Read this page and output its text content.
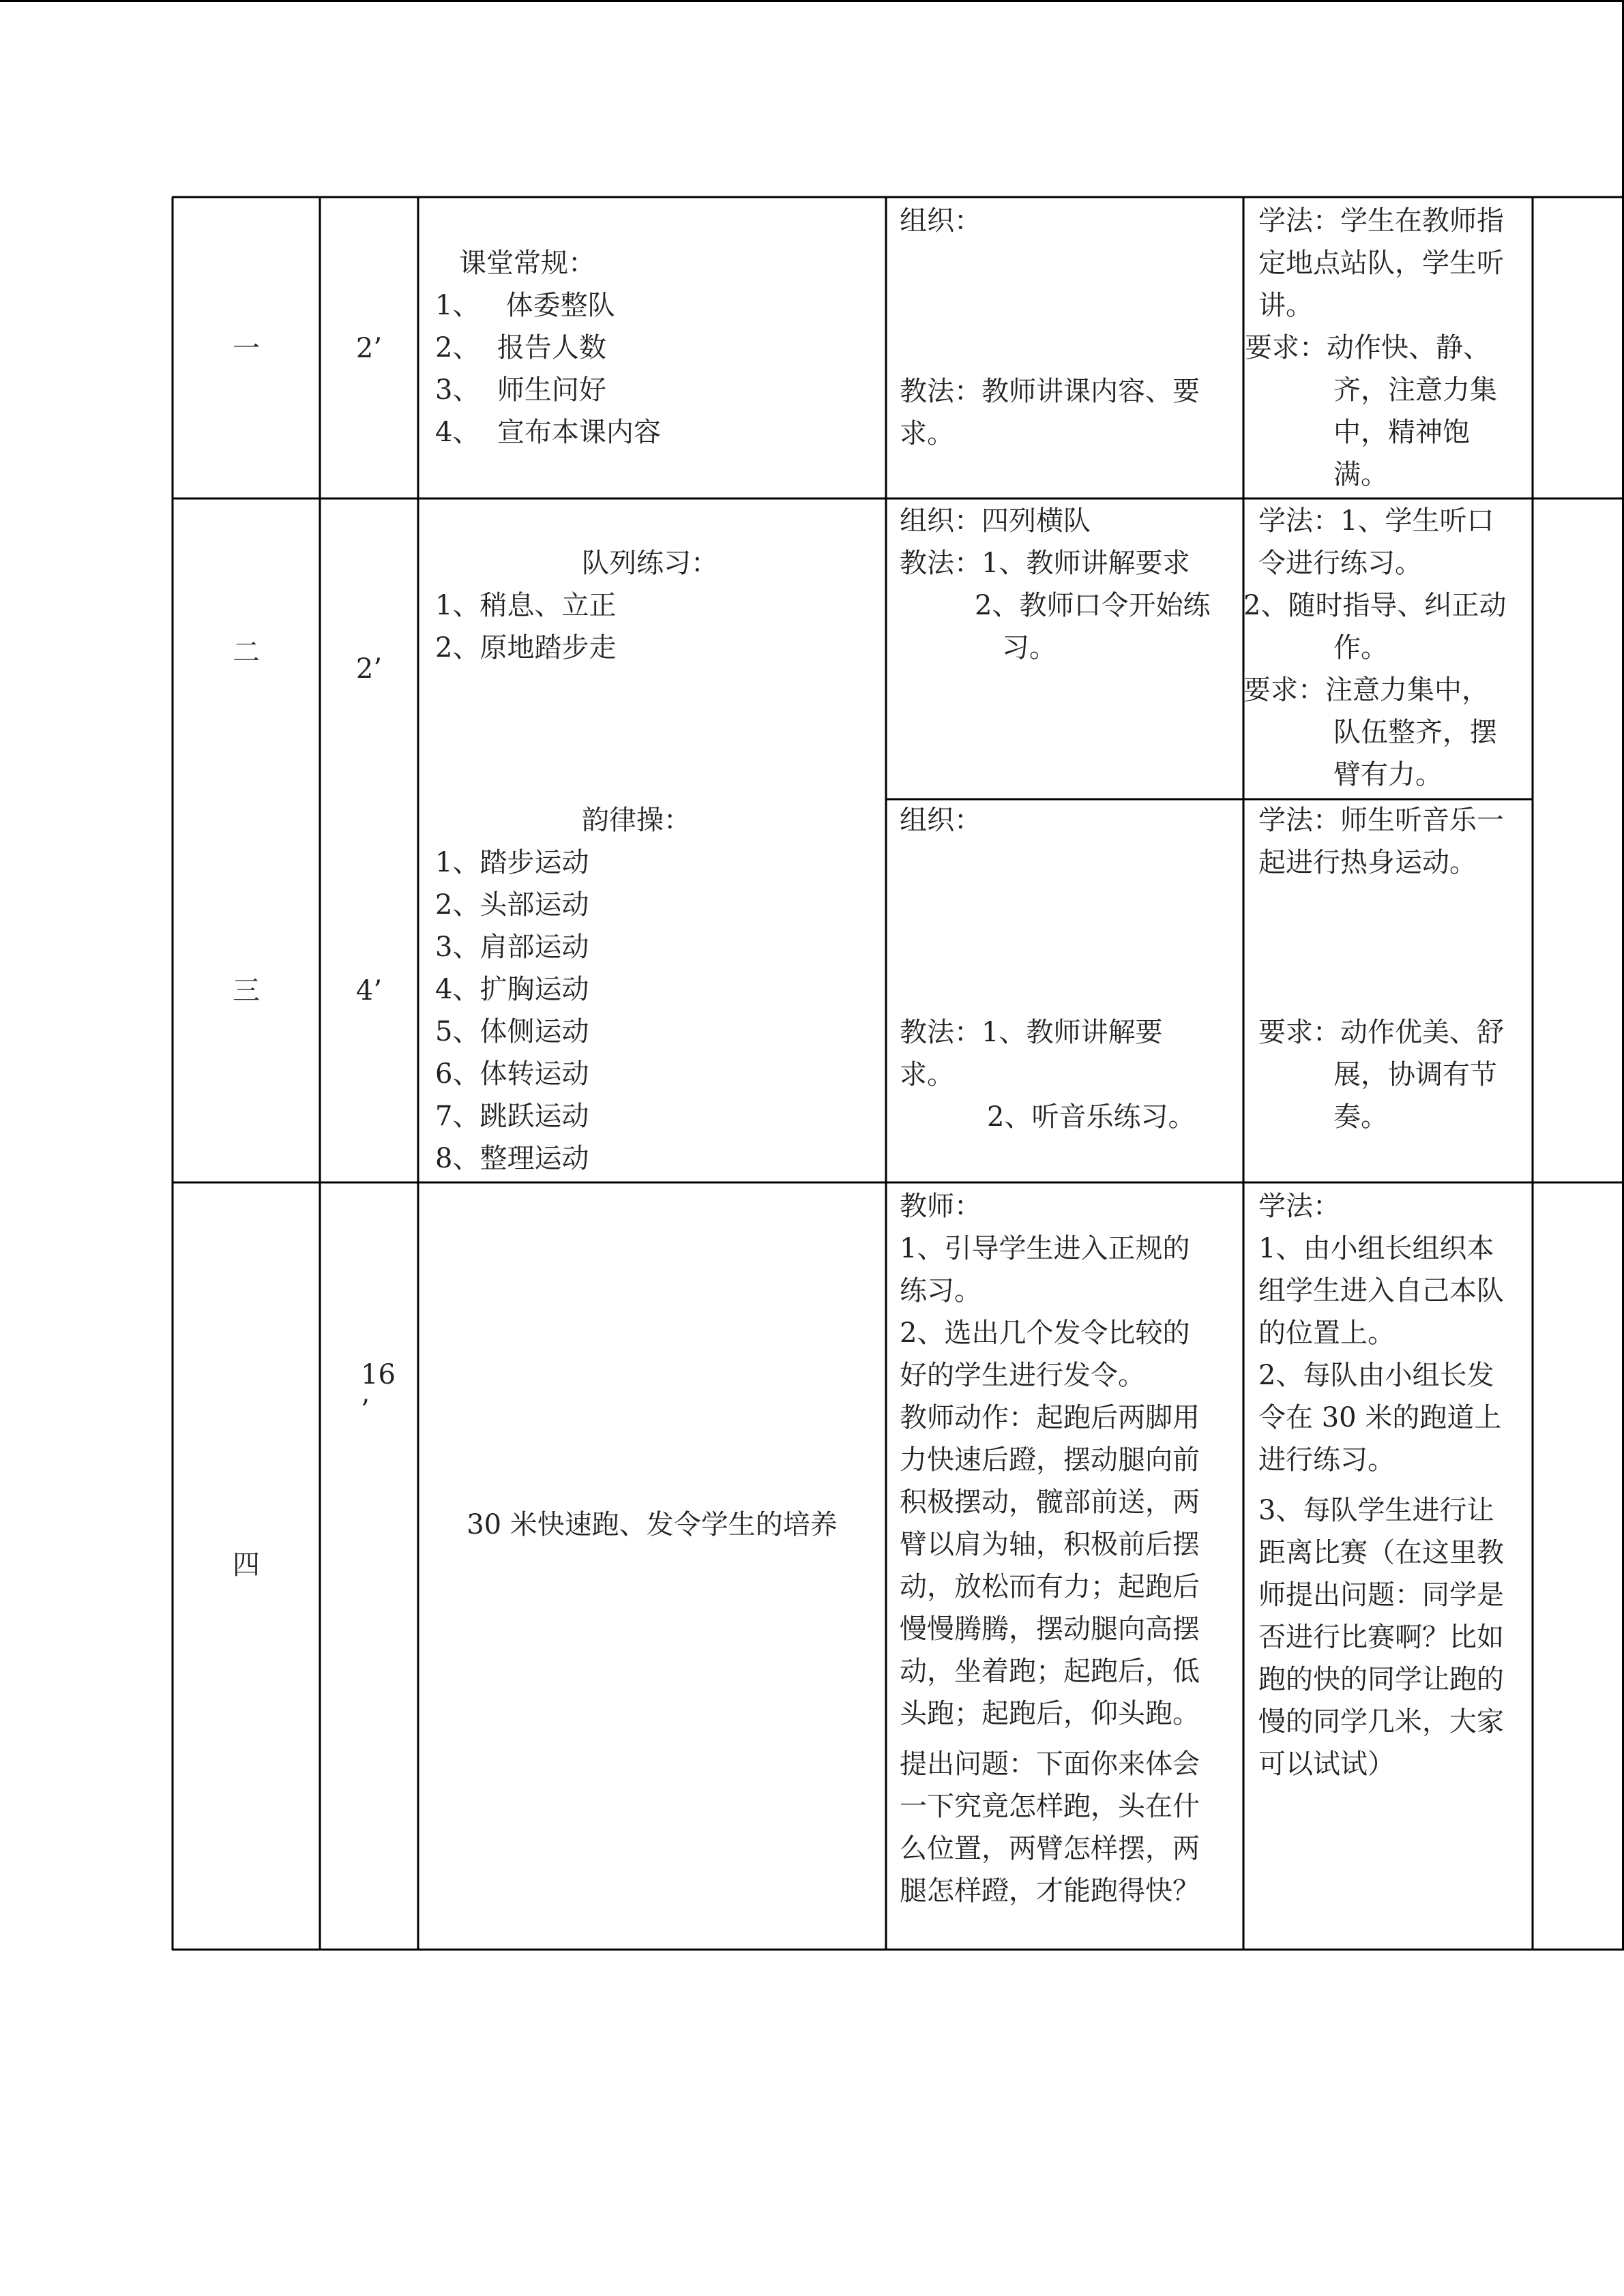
一	2’
课堂常规：
1、   体委整队
2、  报告人数
3、  师生问好
4、  宣布本课内容
组织：
教法：教师讲课内容、要
求。
学法：学生在教师指
定地点站队，学生听
讲。
要求：动作快、静、
齐，注意力集
中，精神饱
满。
二
2’
队列练习：
1、稍息、立正
2、原地踏步走
组织：四列横队
教法：1、教师讲解要求
2、教师口令开始练
习。
学法：1、学生听口
令进行练习。
2、随时指导、纠正动
作。
要求：注意力集中，
队伍整齐，摆
臂有力。
三	4’
韵律操：
1、踏步运动
2、头部运动
3、肩部运动
4、扩胸运动
5、体侧运动
6、体转运动
7、跳跃运动
8、整理运动
组织：
教法：1、教师讲解要
求。
2、听音乐练习。
学法：师生听音乐一
起进行热身运动。
要求：动作优美、舒
展，协调有节
奏。
四
16
’
30 米快速跑、发令学生的培养
教师：
1、引导学生进入正规的
练习。
2、选出几个发令比较的
好的学生进行发令。
教师动作：起跑后两脚用
力快速后蹬，摆动腿向前
积极摆动，髋部前送，两
臂以肩为轴，积极前后摆
动，放松而有力；起跑后
慢慢腾腾，摆动腿向高摆
动，坐着跑；起跑后，低
头跑；起跑后，仰头跑。
提出问题：下面你来体会
一下究竟怎样跑，头在什
么位置，两臂怎样摆，两
腿怎样蹬，才能跑得快？
学法：
1、由小组长组织本
组学生进入自己本队
的位置上。
2、每队由小组长发
令在 30 米的跑道上
进行练习。
3、每队学生进行让
距离比赛（在这里教
师提出问题：同学是
否进行比赛啊？比如
跑的快的同学让跑的
慢的同学几米，大家
可以试试）
